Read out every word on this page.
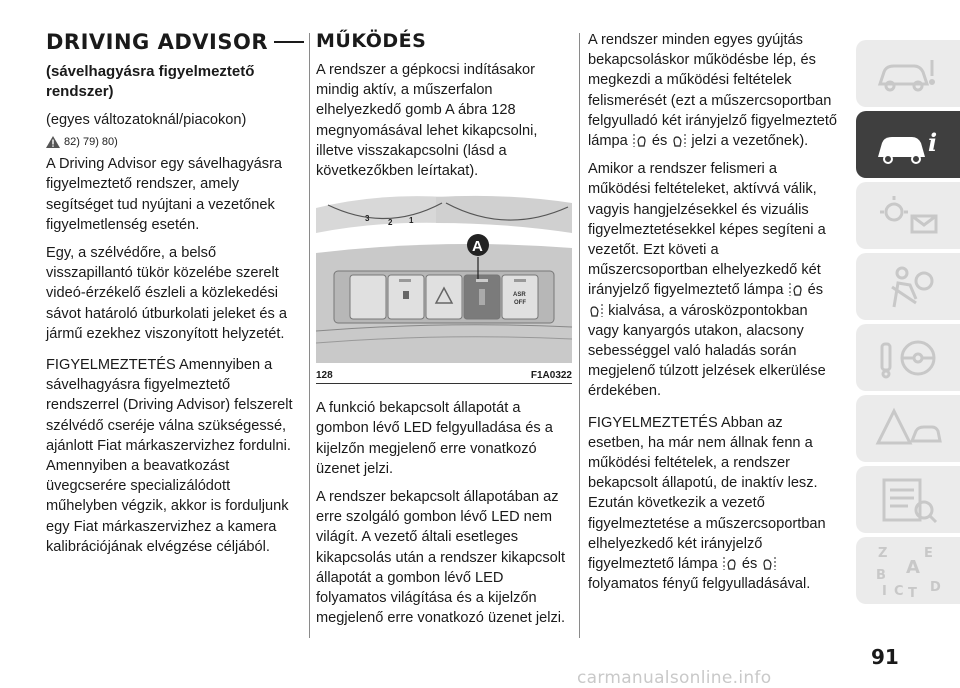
DRIVING ADVISOR
(sávelhagyásra figyelmeztető rendszer)

(egyes változatoknál/piacokon)

82) 79) 80)

A Driving Advisor egy sávelhagyásra figyelmeztető rendszer, amely segítséget tud nyújtani a vezetőnek figyelmetlenség esetén.

Egy, a szélvédőre, a belső visszapillantó tükör közelébe szerelt videó-érzékelő észleli a közlekedési sávot határoló útburkolati jeleket és a jármű ezekhez viszonyított helyzetét.

FIGYELMEZTETÉS Amennyiben a sávelhagyásra figyelmeztető rendszerrel (Driving Advisor) felszerelt szélvédő cseréje válna szükségessé, ajánlott Fiat márkaszervizhez fordulni. Amennyiben a beavatkozást üvegcserére specializálódott műhelyben végzik, akkor is forduljunk egy Fiat márkaszervizhez a kamera kalibrációjának elvégzése céljából.

MŰKÖDÉS

A rendszer a gépkocsi indításakor mindig aktív, a műszerfalon elhelyezkedő gomb A ábra 128 megnyomásával lehet kikapcsolni, illetve visszakapcsolni (lásd a következőkben leírtakat).

3 2 1
ASR
OFF
A
128	F1A0322

A funkció bekapcsolt állapotát a gombon lévő LED felgyulladása és a kijelzőn megjelenő erre vonatkozó üzenet jelzi.

A rendszer bekapcsolt állapotában az erre szolgáló gombon lévő LED nem világít. A vezető általi esetleges kikapcsolás után a rendszer kikapcsolt állapotát a gombon lévő LED folyamatos világítása és a kijelzőn megjelenő erre vonatkozó üzenet jelzi.

A rendszer minden egyes gyújtás bekapcsoláskor működésbe lép, és megkezdi a működési feltételek felismerését (ezt a műszercsoportban felgyulladó két irányjelző figyelmeztető lámpa és jelzi a vezetőnek).

Amikor a rendszer felismeri a működési feltételeket, aktívvá válik, vagyis hangjelzésekkel és vizuális figyelmeztetésekkel képes segíteni a vezetőt. Ezt követi a műszercsoportban elhelyezkedő két irányjelző figyelmeztető lámpa és  kialvása, a városközpontokban vagy kanyargós utakon, alacsony sebességgel való haladás során megjelenő túlzott jelzések elkerülése érdekében.

FIGYELMEZTETÉS Abban az esetben, ha már nem állnak fenn a működési feltételek, a rendszer bekapcsolt állapotú, de inaktív lesz. Ezután következik a vezető figyelmeztetése a műszercsoportban elhelyezkedő két irányjelző figyelmeztető lámpa és  folyamatos fényű felgyulladásával.

i
Z	E
A
B
I C T D
91
carmanualsonline.info
